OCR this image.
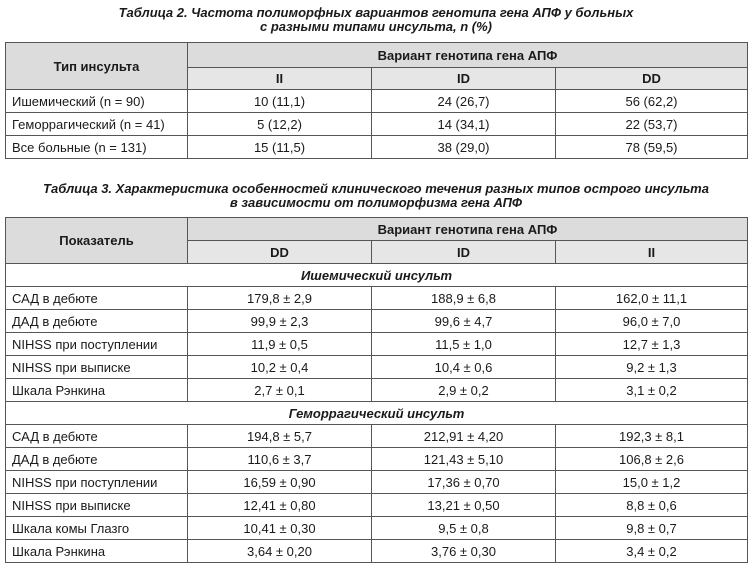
Таблица 2. Частота полиморфных вариантов генотипа гена АПФ у больных
с разными типами инсульта, n (%)
Тип инсульта	Вариант генотипа гена АПФ		
	II	ID	DD
Ишемический (n = 90)	10 (11,1)	24 (26,7)	56 (62,2)
Геморрагический (n = 41)	5 (12,2)	14 (34,1)	22 (53,7)
Все больные (n = 131)	15 (11,5)	38 (29,0)	78 (59,5)
Таблица 3. Характеристика особенностей клинического течения разных типов острого инсульта
в зависимости от полиморфизма гена АПФ
Показатель	Вариант генотипа гена АПФ		
	DD	ID	II
Ишемический инсульт			
САД в дебюте	179,8 ± 2,9	188,9 ± 6,8	162,0 ± 11,1
ДАД в дебюте	99,9 ± 2,3	99,6 ± 4,7	96,0 ± 7,0
NIHSS при поступлении	11,9 ± 0,5	11,5 ± 1,0	12,7 ± 1,3
NIHSS при выписке	10,2 ± 0,4	10,4 ± 0,6	9,2 ± 1,3
Шкала Рэнкина	2,7 ± 0,1	2,9 ± 0,2	3,1 ± 0,2
Геморрагический инсульт			
САД в дебюте	194,8 ± 5,7	212,91 ± 4,20	192,3 ± 8,1
ДАД в дебюте	110,6 ± 3,7	121,43 ± 5,10	106,8 ± 2,6
NIHSS при поступлении	16,59 ± 0,90	17,36 ± 0,70	15,0 ± 1,2
NIHSS при выписке	12,41 ± 0,80	13,21 ± 0,50	8,8 ± 0,6
Шкала комы Глазго	10,41 ± 0,30	9,5 ± 0,8	9,8 ± 0,7
Шкала Рэнкина	3,64 ± 0,20	3,76 ± 0,30	3,4 ± 0,2
